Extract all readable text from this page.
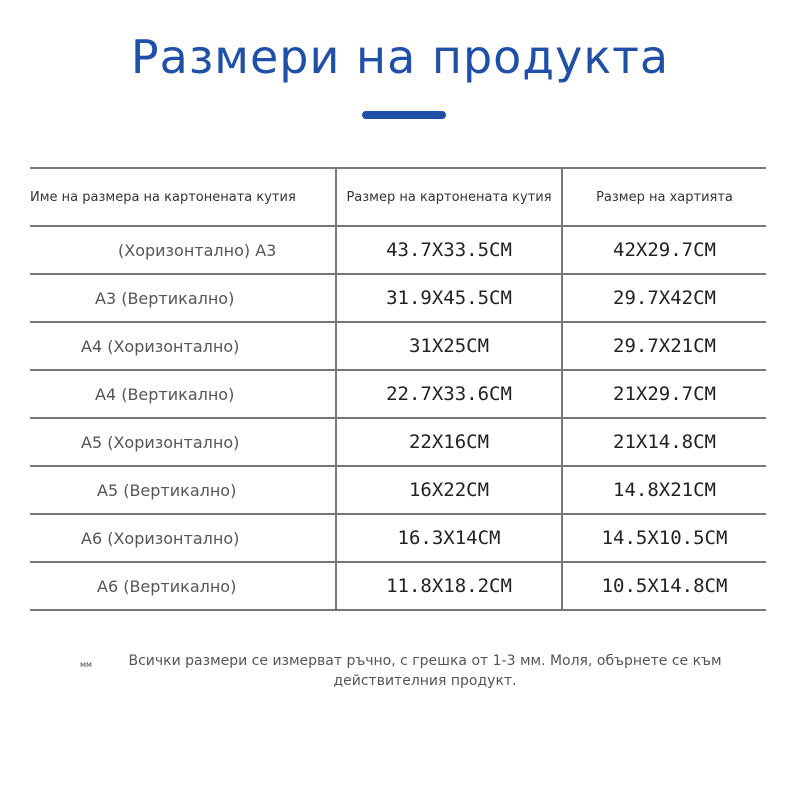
Размери на продукта
Име на размера на картонената кутия	Размер на картонената кутия	Размер на хартията
(Хоризонтално) А3	43.7X33.5CM	42X29.7CM
А3 (Вертикално)	31.9X45.5CM	29.7X42CM
А4 (Хоризонтално)	31X25CM	29.7X21CM
А4 (Вертикално)	22.7X33.6CM	21X29.7CM
А5 (Хоризонтално)	22X16CM	21X14.8CM
А5 (Вертикално)	16X22CM	14.8X21CM
А6 (Хоризонтално)	16.3X14CM	14.5X10.5CM
А6 (Вертикално)	11.8X18.2CM	10.5X14.8CM
мм	Всички размери се измерват ръчно, с грешка от 1-3 мм. Моля, обърнете се към действителния продукт.
